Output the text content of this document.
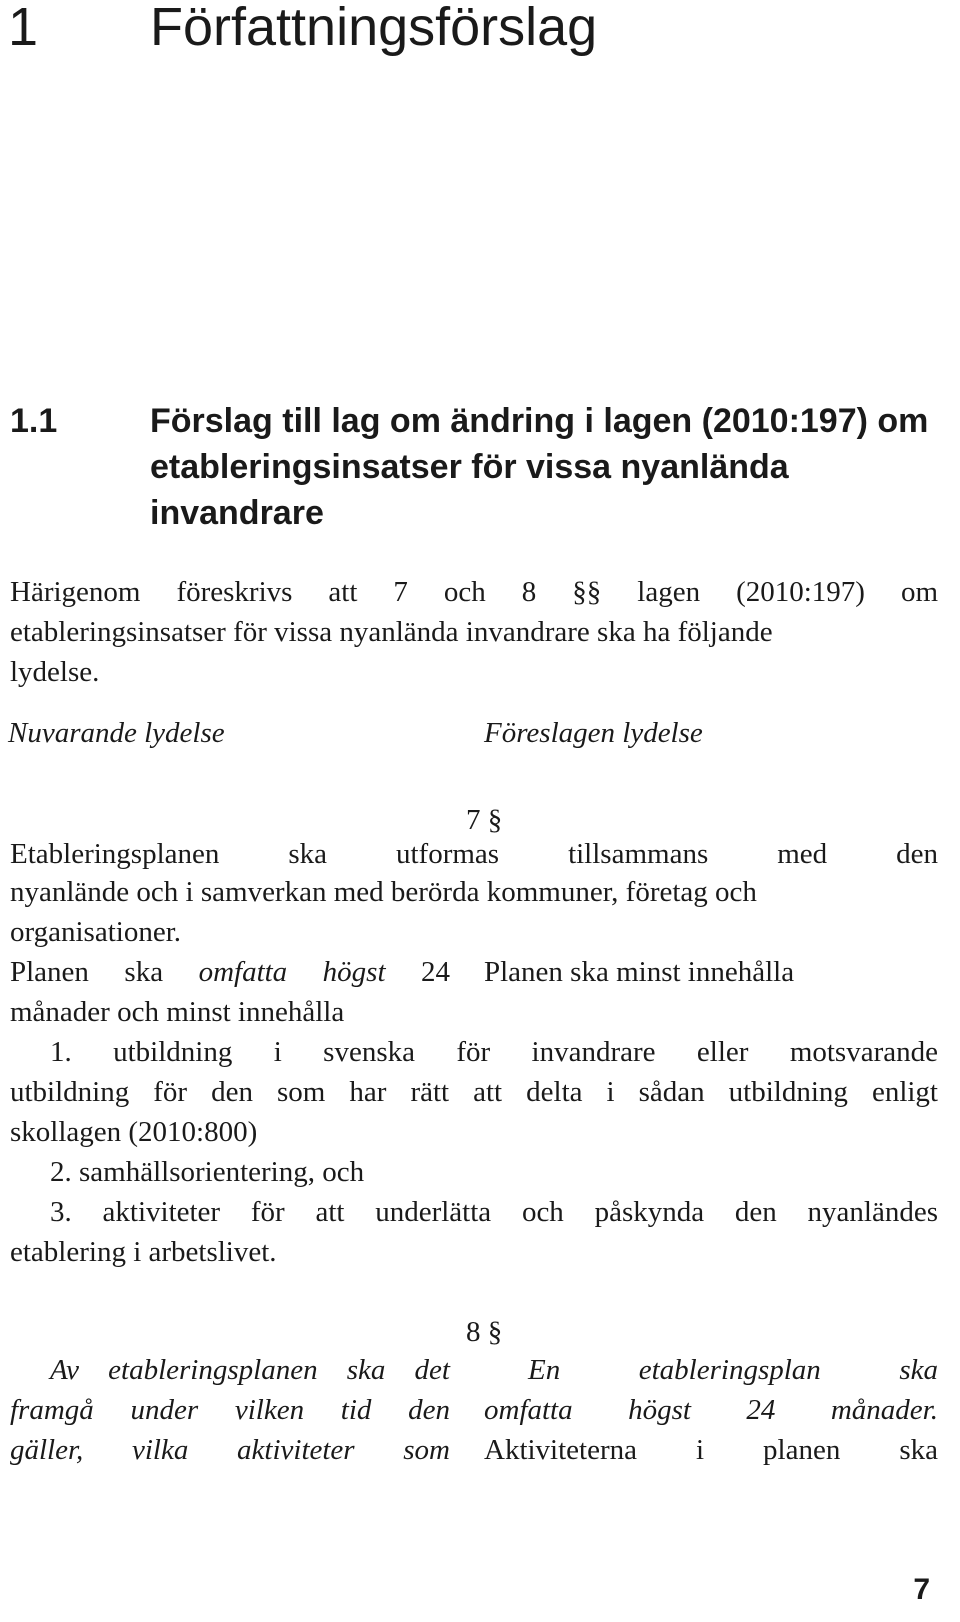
1 Författningsförslag
1.1	Förslag till lag om ändring i lagen (2010:197) om etableringsinsatser för vissa nyanlända invandrare

Härigenom föreskrivs att 7 och 8 §§ lagen (2010:197) om

etableringsinsatser för vissa nyanlända invandrare ska ha följande

lydelse.

Nuvarande lydelse	Föreslagen lydelse

7 §

Etableringsplanen ska utformas tillsammans med den

nyanlände och i samverkan med berörda kommuner, företag och

organisationer.

Planen ska omfatta högst 24

månader och minst innehålla

Planen ska minst innehålla

1. utbildning i svenska för invandrare eller motsvarande

utbildning för den som har rätt att delta i sådan utbildning enligt

skollagen (2010:800)

2. samhällsorientering, och

3. aktiviteter för att underlätta och påskynda den nyanländes

etablering i arbetslivet.

8 §

Av etableringsplanen ska det

framgå under vilken tid den

gäller, vilka aktiviteter som

En etableringsplan ska

omfatta högst 24 månader.

Aktiviteterna i planen ska

7
